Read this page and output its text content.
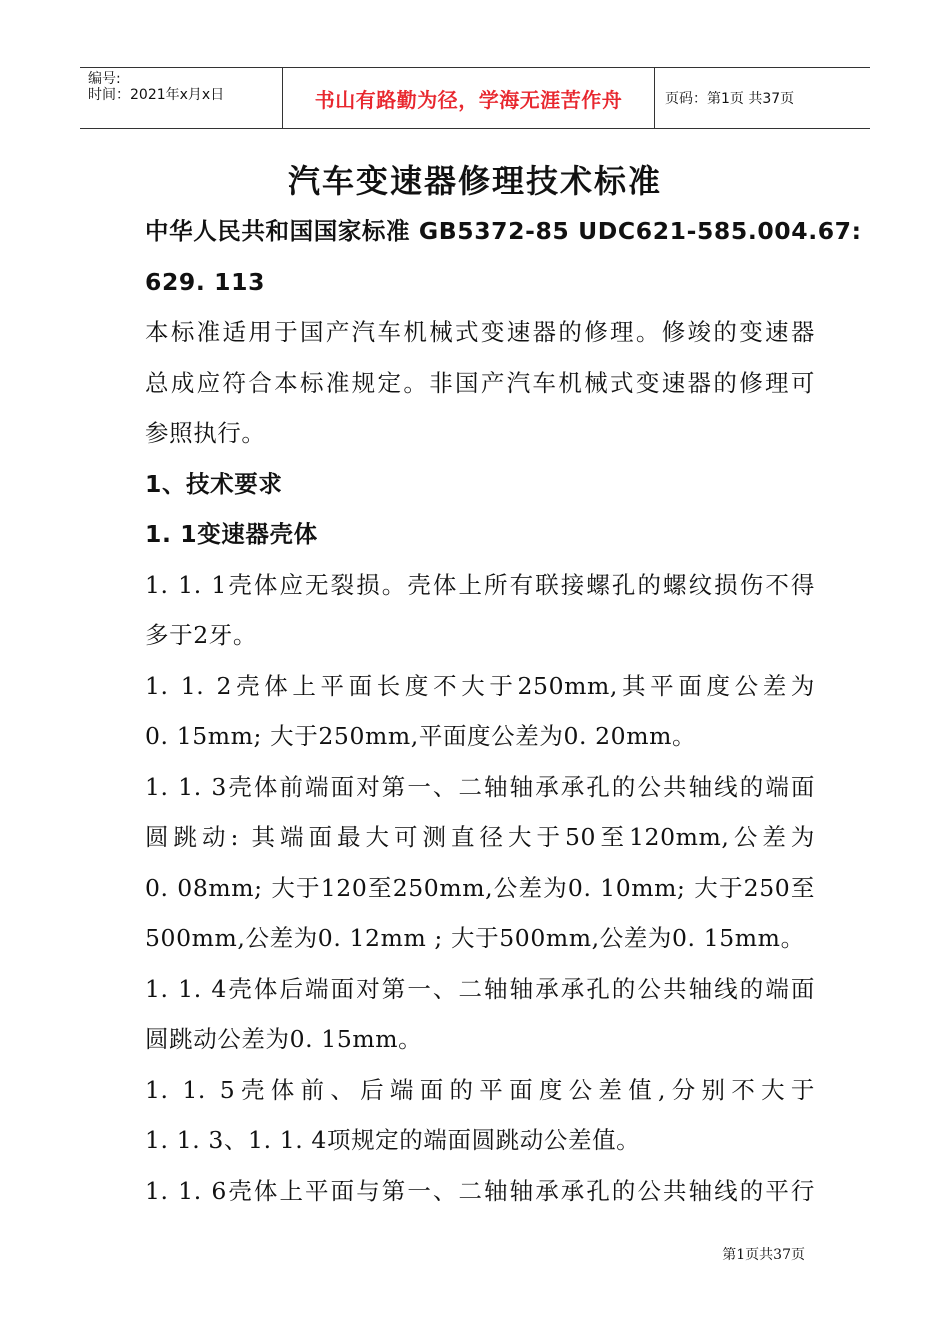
编号:
时间：2021年x月x日	书山有路勤为径，学海无涯苦作舟	页码：第1页 共37页
汽车变速器修理技术标准
中华人民共和国国家标准 GB5372-85 UDC621-585.004.67:
629. 113
本标准适用于国产汽车机械式变速器的修理。修竣的变速器
总成应符合本标准规定。非国产汽车机械式变速器的修理可
参照执行。
1、技术要求
1. 1变速器壳体
1. 1. 1壳体应无裂损。壳体上所有联接螺孔的螺纹损伤不得
多于2牙。
1. 1. 2壳体上平面长度不大于250mm,其平面度公差为
0. 15mm; 大于250mm,平面度公差为0. 20mm。
1. 1. 3壳体前端面对第一、二轴轴承承孔的公共轴线的端面
圆跳动: 其端面最大可测直径大于50至120mm,公差为
0. 08mm; 大于120至250mm,公差为0. 10mm; 大于250至
500mm,公差为0. 12mm ; 大于500mm,公差为0. 15mm。
1. 1. 4壳体后端面对第一、二轴轴承承孔的公共轴线的端面
圆跳动公差为0. 15mm。
1. 1. 5壳体前、后端面的平面度公差值,分别不大于
1. 1. 3、1. 1. 4项规定的端面圆跳动公差值。
1. 1. 6壳体上平面与第一、二轴轴承承孔的公共轴线的平行
第1页共37页
